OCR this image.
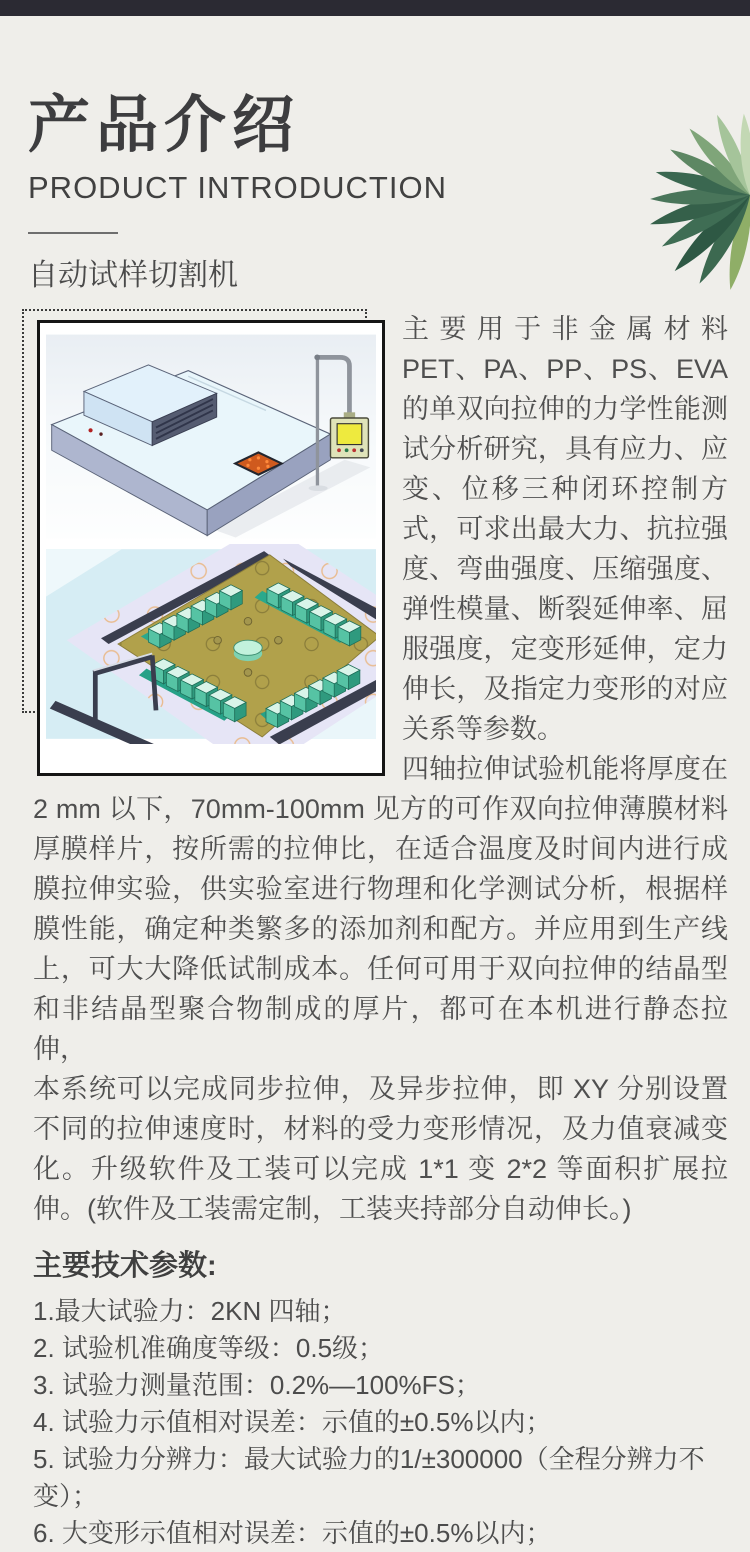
产品介绍
PRODUCT INTRODUCTION
自动试样切割机

主要用于非金属材料 PET、PA、PP、PS、EVA 的单双向拉伸的力学性能测试分析研究，具有应力、应变、位移三种闭环控制方式，可求出最大力、抗拉强度、弯曲强度、压缩强度、弹性模量、断裂延伸率、屈服强度，定变形延伸，定力伸长，及指定力变形的对应关系等参数。

四轴拉伸试验机能将厚度在 2 mm 以下，70mm-100mm 见方的可作双向拉伸薄膜材料厚膜样片，按所需的拉伸比，在适合温度及时间内进行成膜拉伸实验，供实验室进行物理和化学测试分析，根据样膜性能，确定种类繁多的添加剂和配方。并应用到生产线上，可大大降低试制成本。任何可用于双向拉伸的结晶型和非结晶型聚合物制成的厚片，都可在本机进行静态拉伸，

本系统可以完成同步拉伸，及异步拉伸，即 XY 分别设置不同的拉伸速度时，材料的受力变形情况，及力值衰减变化。升级软件及工装可以完成 1*1 变 2*2 等面积扩展拉伸。(软件及工装需定制，工装夹持部分自动伸长。)

主要技术参数:
1.最大试验力：2KN 四轴；
2. 试验机准确度等级：0.5级；
3. 试验力测量范围：0.2%—100%FS；
4. 试验力示值相对误差：示值的±0.5%以内；
5. 试验力分辨力：最大试验力的1/±300000（全程分辨力不变）；
6. 大变形示值相对误差：示值的±0.5%以内；
